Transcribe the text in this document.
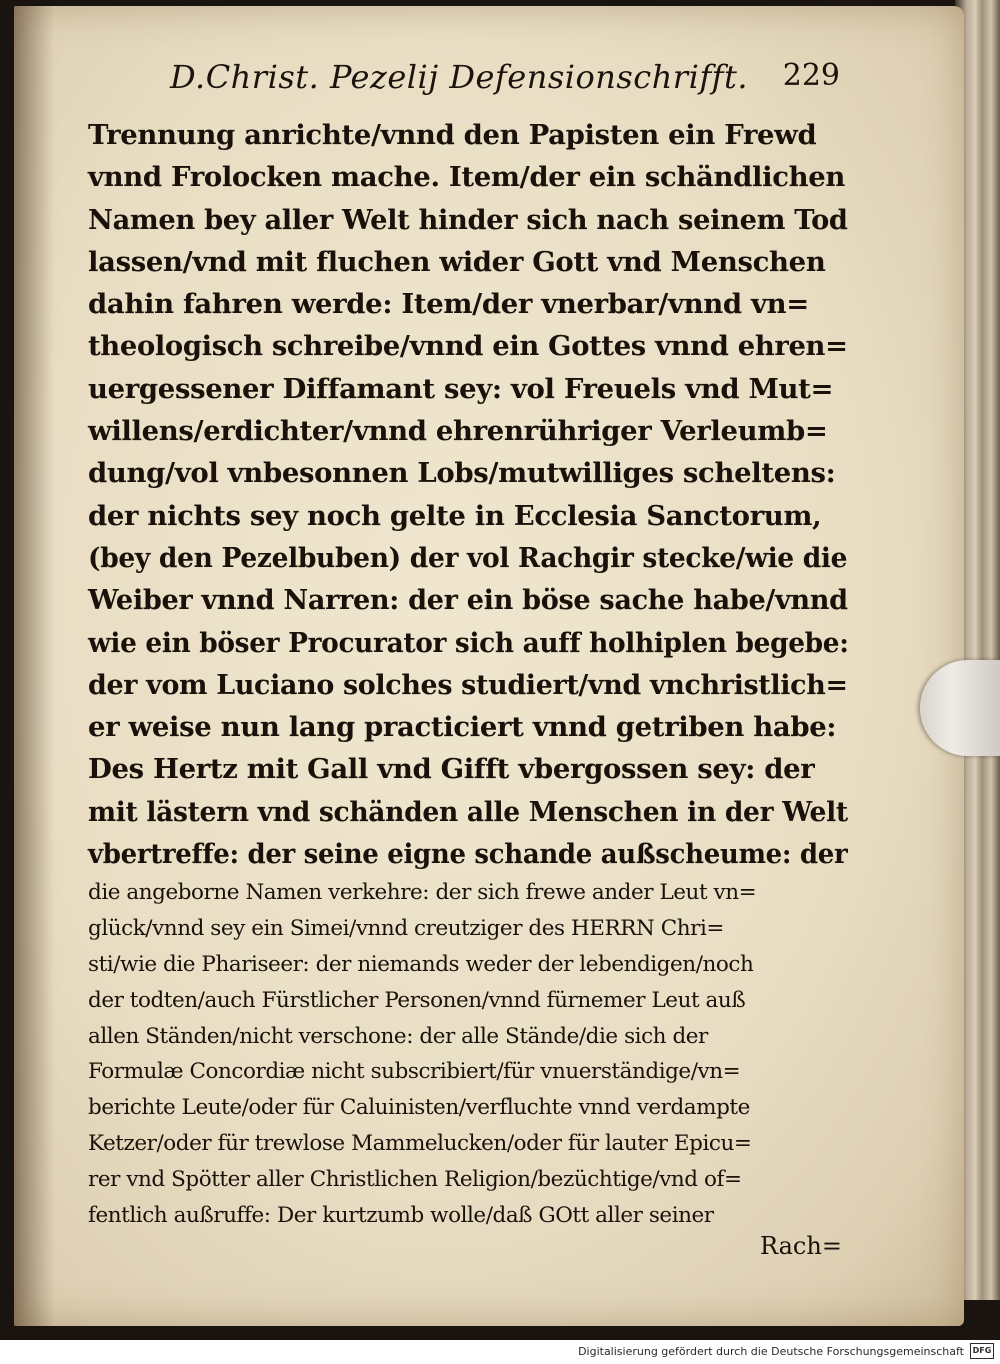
D.Christ. Pezelij Defensionschrifft. 229
Trennung anrichte/vnnd den Papisten ein Frewd
vnnd Frolocken mache. Item/der ein schändlichen
Namen bey aller Welt hinder sich nach seinem Tod
lassen/vnd mit fluchen wider Gott vnd Menschen
dahin fahren werde: Item/der vnerbar/vnnd vn=
theologisch schreibe/vnnd ein Gottes vnnd ehren=
uergessener Diffamant sey: vol Freuels vnd Mut=
willens/erdichter/vnnd ehrenrühriger Verleumb=
dung/vol vnbesonnen Lobs/mutwilliges scheltens:
der nichts sey noch gelte in Ecclesia Sanctorum,
(bey den Pezelbuben) der vol Rachgir stecke/wie die Weiber vnnd Narren: der ein böse sache habe/vnnd wie ein böser Procurator sich auff holhiplen begebe: der vom Luciano solches studiert/vnd vnchristlich=
er weise nun lang practiciert vnnd getriben habe:
Des Hertz mit Gall vnd Gifft vbergossen sey: der
mit lästern vnd schänden alle Menschen in der Welt vbertreffe: der seine eigne schande außscheume: der
die angeborne Namen verkehre: der sich frewe ander Leut vn=
glück/vnnd sey ein Simei/vnnd creutziger des HERRN Chri=
sti/wie die Phariseer: der niemands weder der lebendigen/noch
der todten/auch Fürstlicher Personen/vnnd fürnemer Leut auß
allen Ständen/nicht verschone: der alle Stände/die sich der
Formulæ Concordiæ nicht subscribiert/für vnuerständige/vn=
berichte Leute/oder für Caluinisten/verfluchte vnnd verdampte
Ketzer/oder für trewlose Mammelucken/oder für lauter Epicu=
rer vnd Spötter aller Christlichen Religion/bezüchtige/vnd of=
fentlich außruffe: Der kurtzumb wolle/daß GOtt aller seiner
Rach=
Digitalisierung gefördert durch die Deutsche Forschungsgemeinschaft	DFG
